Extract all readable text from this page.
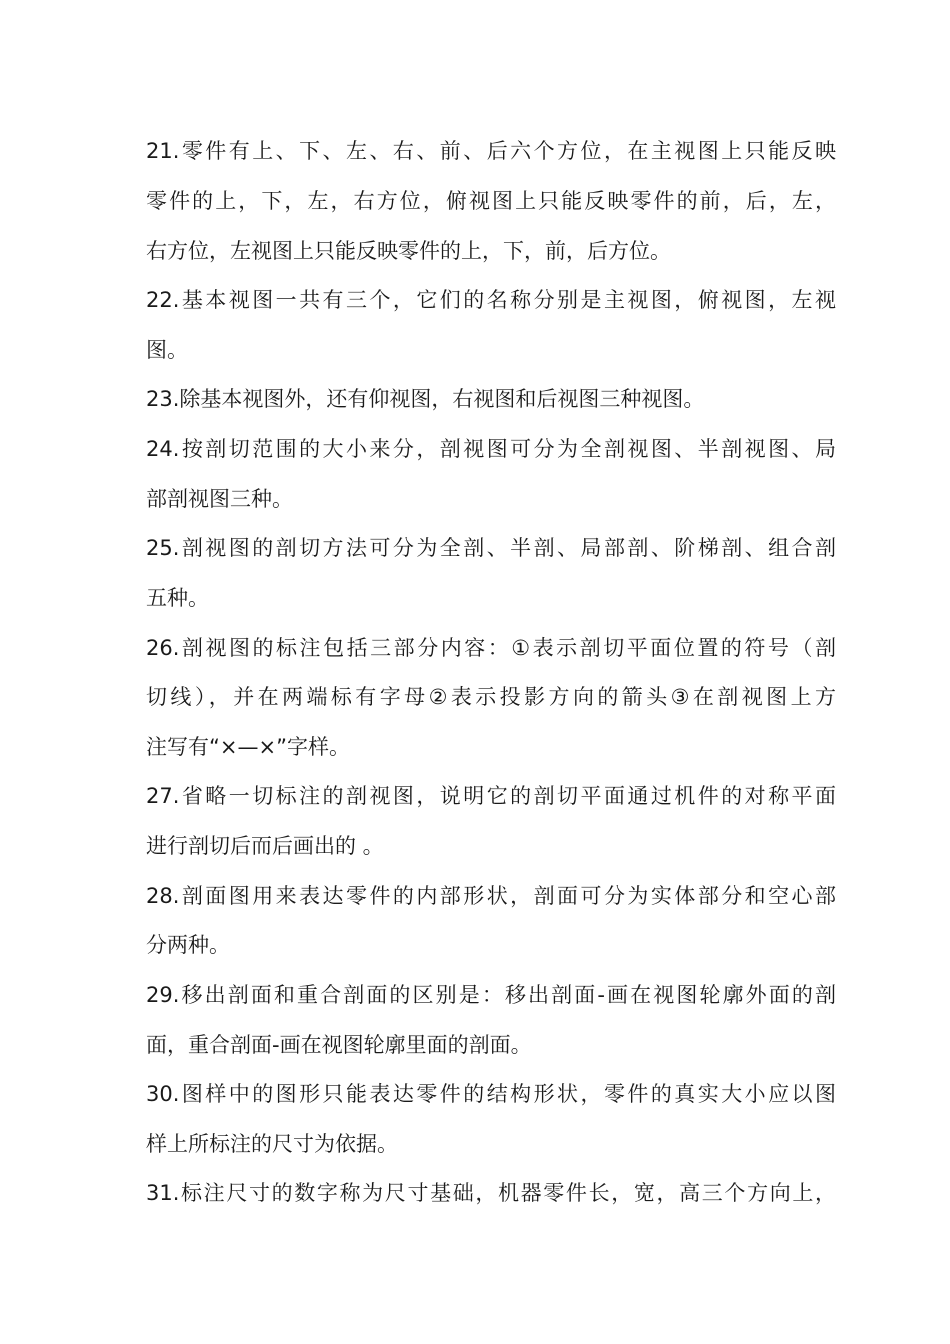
21.零件有上、下、左、右、前、后六个方位，在主视图上只能反映
零件的上，下，左，右方位，俯视图上只能反映零件的前，后，左，
右方位，左视图上只能反映零件的上，下，前，后方位。
22.基本视图一共有三个，它们的名称分别是主视图，俯视图，左视
图。
23.除基本视图外，还有仰视图，右视图和后视图三种视图。
24.按剖切范围的大小来分，剖视图可分为全剖视图、半剖视图、局
部剖视图三种。
25.剖视图的剖切方法可分为全剖、半剖、局部剖、阶梯剖、组合剖
五种。
26.剖视图的标注包括三部分内容：①表示剖切平面位置的符号（剖
切线），并在两端标有字母②表示投影方向的箭头③在剖视图上方
注写有“×—×”字样。
27.省略一切标注的剖视图，说明它的剖切平面通过机件的对称平面
进行剖切后而后画出的 。
28.剖面图用来表达零件的内部形状，剖面可分为实体部分和空心部
分两种。
29.移出剖面和重合剖面的区别是：移出剖面-画在视图轮廓外面的剖
面，重合剖面-画在视图轮廓里面的剖面。
30.图样中的图形只能表达零件的结构形状，零件的真实大小应以图
样上所标注的尺寸为依据。
31.标注尺寸的数字称为尺寸基础，机器零件长，宽，高三个方向上，
